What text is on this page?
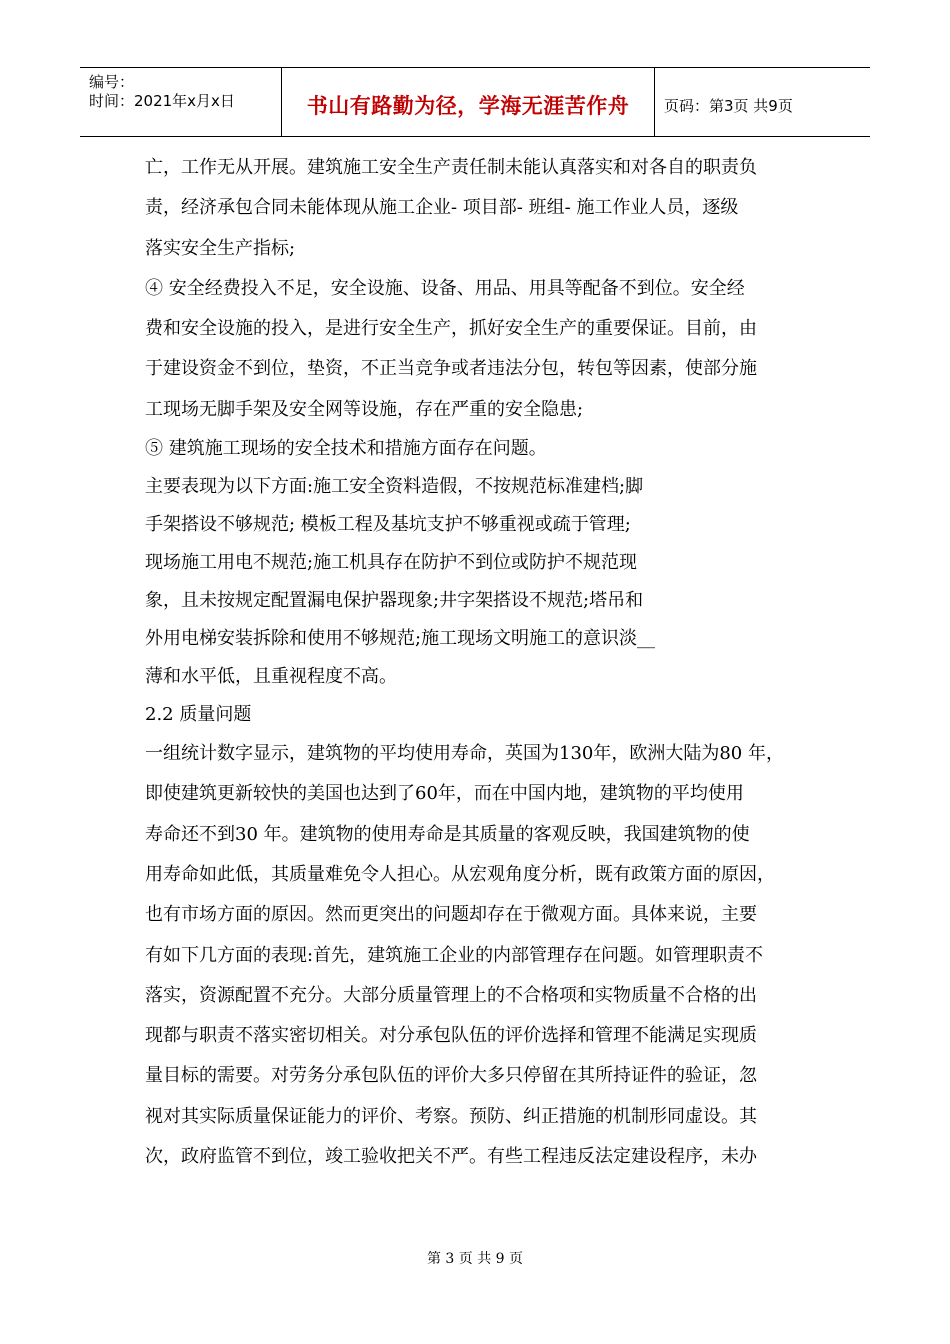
编号：
时间：2021年x月x日	书山有路勤为径，学海无涯苦作舟 页码：第3页 共9页
亡，工作无从开展。建筑施工安全生产责任制未能认真落实和对各自的职责负
责，经济承包合同未能体现从施工企业- 项目部- 班组- 施工作业人员，逐级
落实安全生产指标;
④ 安全经费投入不足，安全设施、设备、用品、用具等配备不到位。安全经
费和安全设施的投入，是进行安全生产，抓好安全生产的重要保证。目前，由
于建设资金不到位，垫资，不正当竞争或者违法分包，转包等因素，使部分施
工现场无脚手架及安全网等设施，存在严重的安全隐患;
⑤ 建筑施工现场的安全技术和措施方面存在问题。
主要表现为以下方面:施工安全资料造假，不按规范标准建档;脚
手架搭设不够规范; 模板工程及基坑支护不够重视或疏于管理;
现场施工用电不规范;施工机具存在防护不到位或防护不规范现
象，且未按规定配置漏电保护器现象;井字架搭设不规范;塔吊和
外用电梯安装拆除和使用不够规范;施工现场文明施工的意识淡__
薄和水平低，且重视程度不高。
2.2 质量问题
一组统计数字显示，建筑物的平均使用寿命，英国为130年，欧洲大陆为80 年，
即使建筑更新较快的美国也达到了60年，而在中国内地，建筑物的平均使用
寿命还不到30 年。建筑物的使用寿命是其质量的客观反映，我国建筑物的使
用寿命如此低，其质量难免令人担心。从宏观角度分析，既有政策方面的原因，
也有市场方面的原因。然而更突出的问题却存在于微观方面。具体来说，主要
有如下几方面的表现:首先，建筑施工企业的内部管理存在问题。如管理职责不
落实，资源配置不充分。大部分质量管理上的不合格项和实物质量不合格的出
现都与职责不落实密切相关。对分承包队伍的评价选择和管理不能满足实现质
量目标的需要。对劳务分承包队伍的评价大多只停留在其所持证件的验证，忽
视对其实际质量保证能力的评价、考察。预防、纠正措施的机制形同虚设。其
次，政府监管不到位，竣工验收把关不严。有些工程违反法定建设程序，未办
第 3 页 共 9 页
